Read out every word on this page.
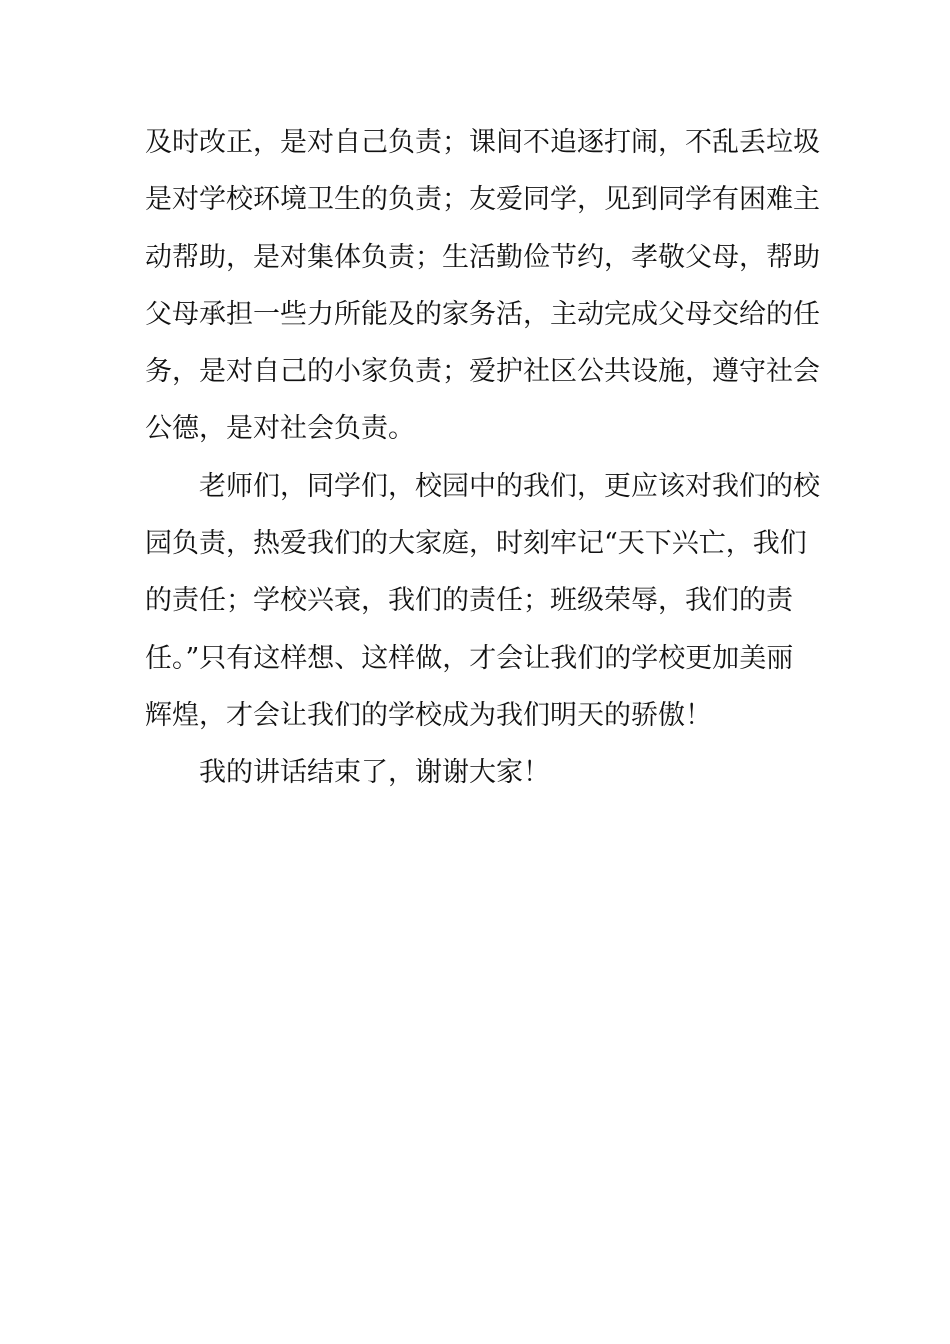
及时改正，是对自己负责；课间不追逐打闹，不乱丢垃圾
是对学校环境卫生的负责；友爱同学，见到同学有困难主
动帮助，是对集体负责；生活勤俭节约，孝敬父母，帮助
父母承担一些力所能及的家务活，主动完成父母交给的任
务，是对自己的小家负责；爱护社区公共设施，遵守社会
公德，是对社会负责。
老师们，同学们，校园中的我们，更应该对我们的校
园负责，热爱我们的大家庭，时刻牢记“天下兴亡，我们
的责任；学校兴衰，我们的责任；班级荣辱，我们的责
任。”只有这样想、这样做，才会让我们的学校更加美丽
辉煌，才会让我们的学校成为我们明天的骄傲！
我的讲话结束了，谢谢大家！
